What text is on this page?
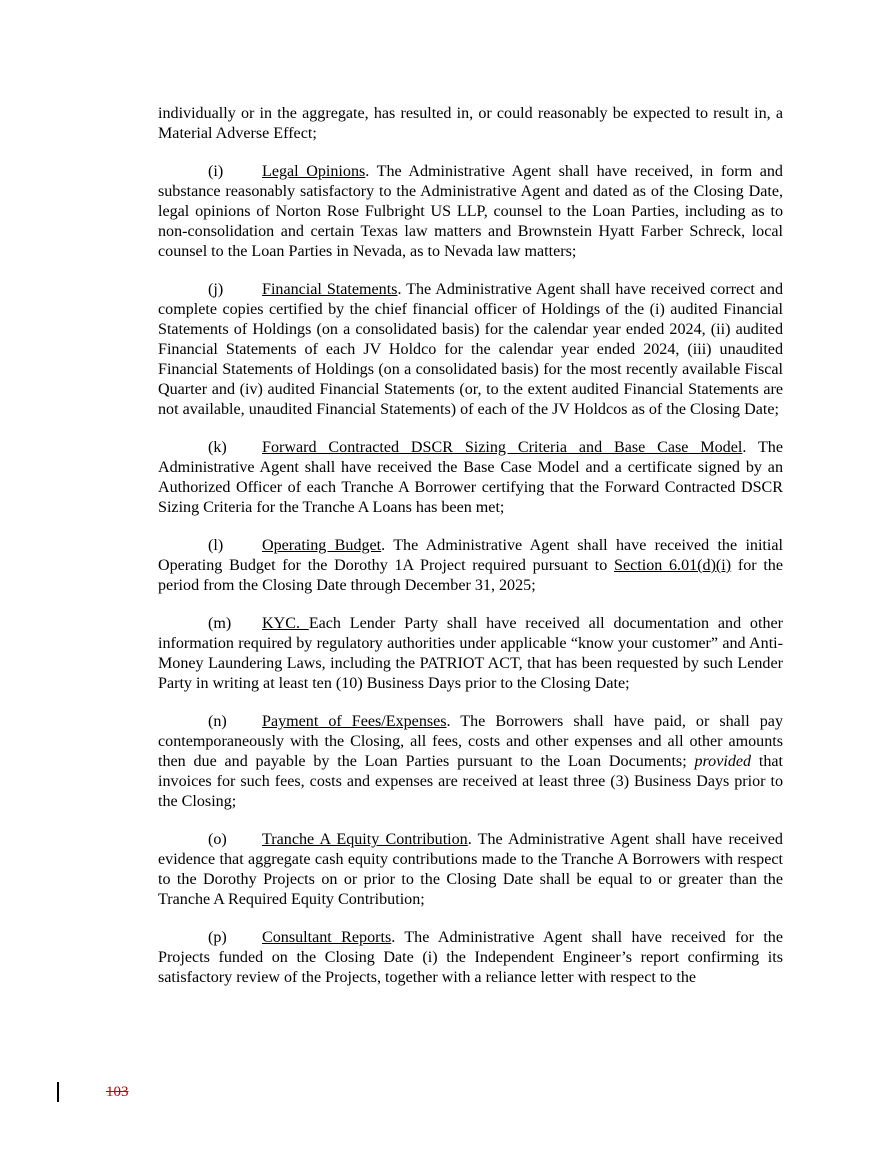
individually or in the aggregate, has resulted in, or could reasonably be expected to result in, a Material Adverse Effect;

(i) Legal Opinions. The Administrative Agent shall have received, in form and substance reasonably satisfactory to the Administrative Agent and dated as of the Closing Date, legal opinions of Norton Rose Fulbright US LLP, counsel to the Loan Parties, including as to non-consolidation and certain Texas law matters and Brownstein Hyatt Farber Schreck, local counsel to the Loan Parties in Nevada, as to Nevada law matters;

(j) Financial Statements. The Administrative Agent shall have received correct and complete copies certified by the chief financial officer of Holdings of the (i) audited Financial Statements of Holdings (on a consolidated basis) for the calendar year ended 2024, (ii) audited Financial Statements of each JV Holdco for the calendar year ended 2024, (iii) unaudited Financial Statements of Holdings (on a consolidated basis) for the most recently available Fiscal Quarter and (iv) audited Financial Statements (or, to the extent audited Financial Statements are not available, unaudited Financial Statements) of each of the JV Holdcos as of the Closing Date;

(k) Forward Contracted DSCR Sizing Criteria and Base Case Model. The Administrative Agent shall have received the Base Case Model and a certificate signed by an Authorized Officer of each Tranche A Borrower certifying that the Forward Contracted DSCR Sizing Criteria for the Tranche A Loans has been met;

(l) Operating Budget. The Administrative Agent shall have received the initial Operating Budget for the Dorothy 1A Project required pursuant to Section 6.01(d)(i) for the period from the Closing Date through December 31, 2025;

(m) KYC. Each Lender Party shall have received all documentation and other information required by regulatory authorities under applicable “know your customer” and Anti-Money Laundering Laws, including the PATRIOT ACT, that has been requested by such Lender Party in writing at least ten (10) Business Days prior to the Closing Date;

(n) Payment of Fees/Expenses. The Borrowers shall have paid, or shall pay contemporaneously with the Closing, all fees, costs and other expenses and all other amounts then due and payable by the Loan Parties pursuant to the Loan Documents; provided that invoices for such fees, costs and expenses are received at least three (3) Business Days prior to the Closing;

(o) Tranche A Equity Contribution. The Administrative Agent shall have received evidence that aggregate cash equity contributions made to the Tranche A Borrowers with respect to the Dorothy Projects on or prior to the Closing Date shall be equal to or greater than the Tranche A Required Equity Contribution;

(p) Consultant Reports. The Administrative Agent shall have received for the Projects funded on the Closing Date (i) the Independent Engineer’s report confirming its satisfactory review of the Projects, together with a reliance letter with respect to the

103
